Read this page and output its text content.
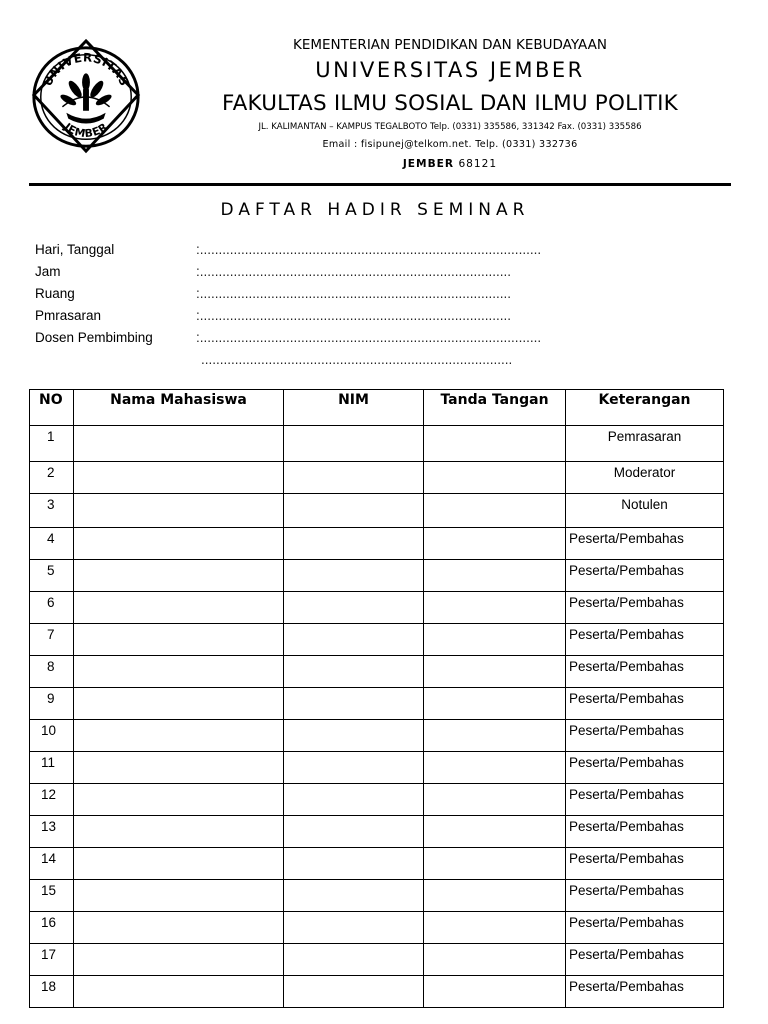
UNIVERSITAS
JEMBER
KEMENTERIAN PENDIDIKAN DAN KEBUDAYAAN
UNIVERSITAS JEMBER
FAKULTAS ILMU SOSIAL DAN ILMU POLITIK
JL. KALIMANTAN – KAMPUS TEGALBOTO Telp. (0331) 335586, 331342 Fax. (0331) 335586
Email : fisipunej@telkom.net. Telp. (0331) 332736
JEMBER 68121
DAFTAR HADIR SEMINAR
Hari, Tanggal	:...........................................................................................
Jam	:...................................................................................
Ruang	:...................................................................................
Pmrasaran	:...................................................................................
Dosen Pembimbing	:...........................................................................................
...................................................................................
NO	Nama Mahasiswa	NIM	Tanda Tangan	Keterangan
1				Pemrasaran
2				Moderator
3				Notulen
4				Peserta/Pembahas
5				Peserta/Pembahas
6				Peserta/Pembahas
7				Peserta/Pembahas
8				Peserta/Pembahas
9				Peserta/Pembahas
10				Peserta/Pembahas
11				Peserta/Pembahas
12				Peserta/Pembahas
13				Peserta/Pembahas
14				Peserta/Pembahas
15				Peserta/Pembahas
16				Peserta/Pembahas
17				Peserta/Pembahas
18				Peserta/Pembahas
